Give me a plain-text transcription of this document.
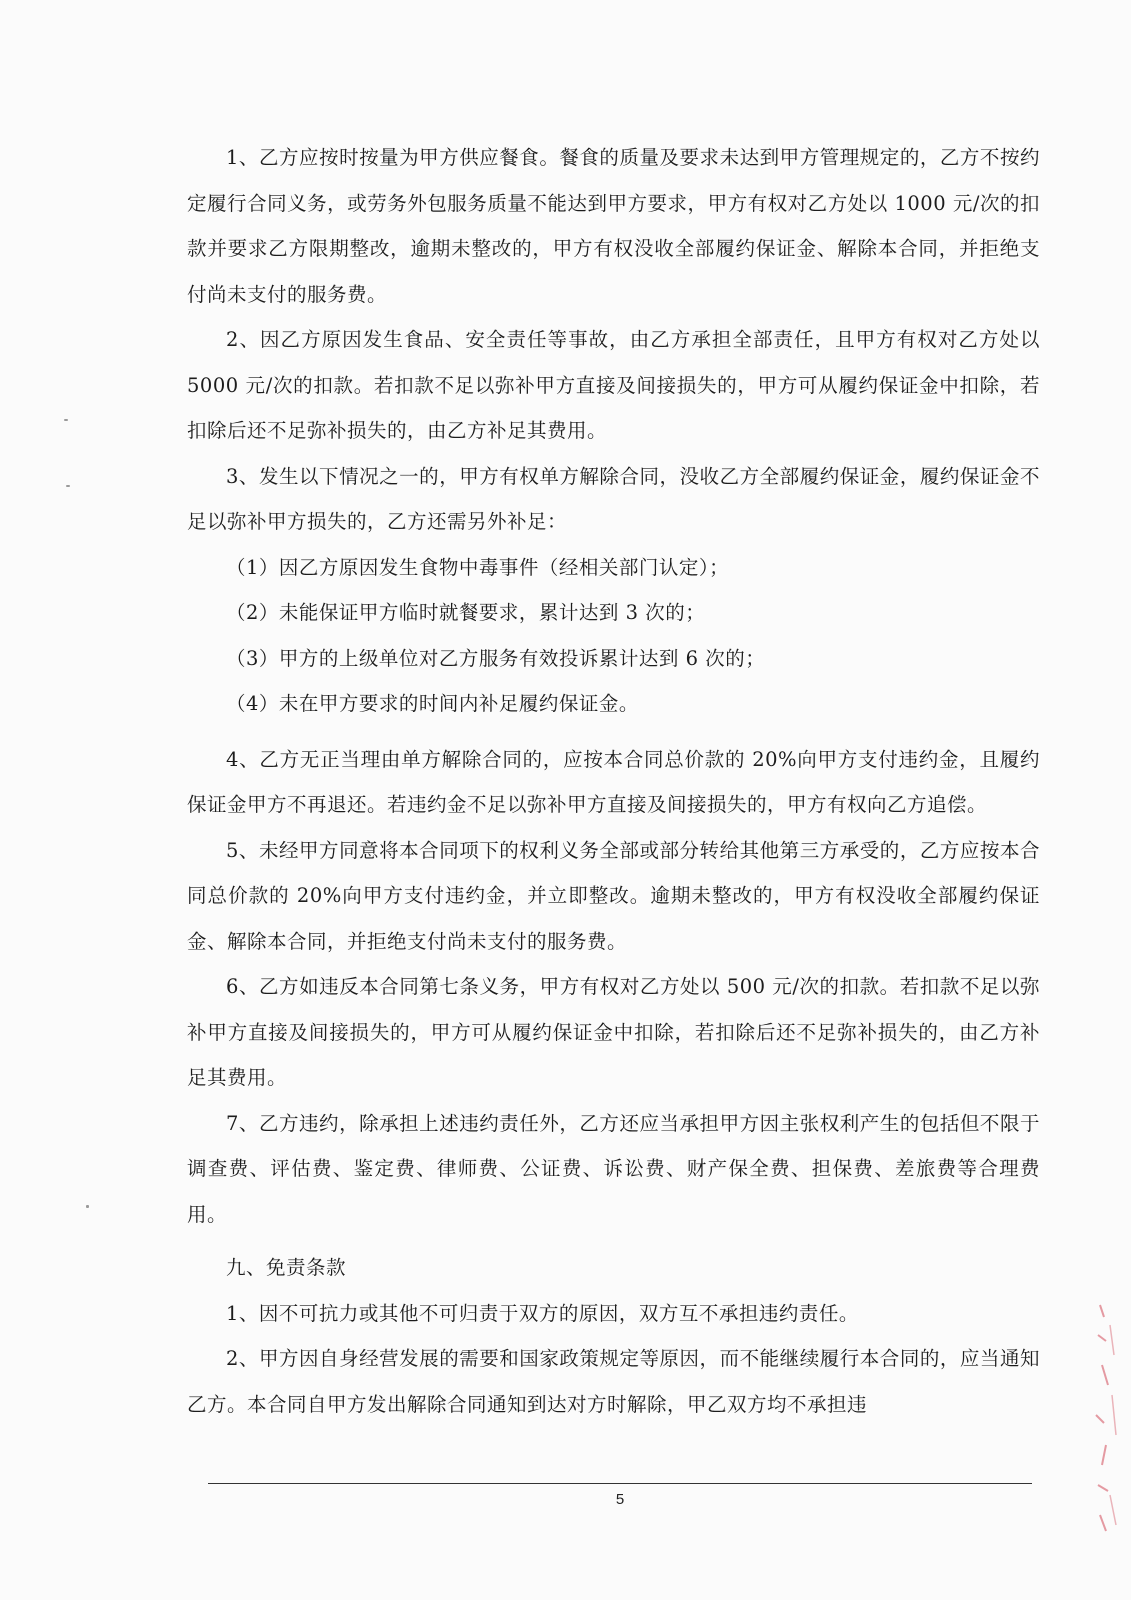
1、乙方应按时按量为甲方供应餐食。餐食的质量及要求未达到甲方管理规定的，乙方不按约定履行合同义务，或劳务外包服务质量不能达到甲方要求，甲方有权对乙方处以 1000 元/次的扣款并要求乙方限期整改，逾期未整改的，甲方有权没收全部履约保证金、解除本合同，并拒绝支付尚未支付的服务费。

2、因乙方原因发生食品、安全责任等事故，由乙方承担全部责任，且甲方有权对乙方处以 5000 元/次的扣款。若扣款不足以弥补甲方直接及间接损失的，甲方可从履约保证金中扣除，若扣除后还不足弥补损失的，由乙方补足其费用。

3、发生以下情况之一的，甲方有权单方解除合同，没收乙方全部履约保证金，履约保证金不足以弥补甲方损失的，乙方还需另外补足：

（1）因乙方原因发生食物中毒事件（经相关部门认定）；

（2）未能保证甲方临时就餐要求，累计达到 3 次的；

（3）甲方的上级单位对乙方服务有效投诉累计达到 6 次的；

（4）未在甲方要求的时间内补足履约保证金。

4、乙方无正当理由单方解除合同的，应按本合同总价款的 20%向甲方支付违约金，且履约保证金甲方不再退还。若违约金不足以弥补甲方直接及间接损失的，甲方有权向乙方追偿。

5、未经甲方同意将本合同项下的权利义务全部或部分转给其他第三方承受的，乙方应按本合同总价款的 20%向甲方支付违约金，并立即整改。逾期未整改的，甲方有权没收全部履约保证金、解除本合同，并拒绝支付尚未支付的服务费。

6、乙方如违反本合同第七条义务，甲方有权对乙方处以 500 元/次的扣款。若扣款不足以弥补甲方直接及间接损失的，甲方可从履约保证金中扣除，若扣除后还不足弥补损失的，由乙方补足其费用。

7、乙方违约，除承担上述违约责任外，乙方还应当承担甲方因主张权利产生的包括但不限于调查费、评估费、鉴定费、律师费、公证费、诉讼费、财产保全费、担保费、差旅费等合理费用。

九、免责条款

1、因不可抗力或其他不可归责于双方的原因，双方互不承担违约责任。

2、甲方因自身经营发展的需要和国家政策规定等原因，而不能继续履行本合同的，应当通知乙方。本合同自甲方发出解除合同通知到达对方时解除，甲乙双方均不承担违

5
